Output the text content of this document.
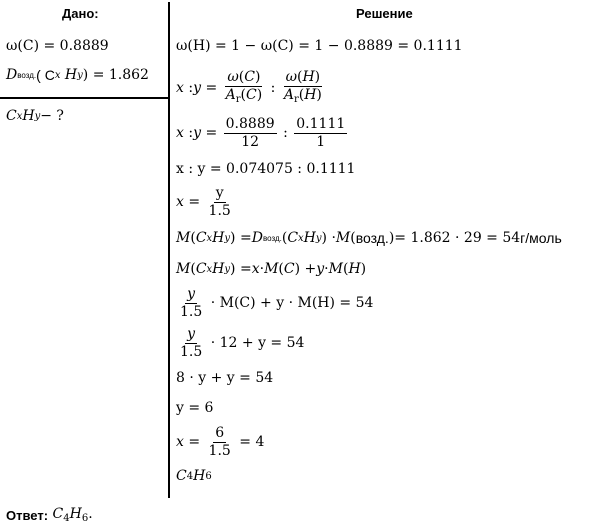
Дано:	Решение
ω(C) = 0.8889
D возд. ( C x
H y ) = 1.862
C x H y − ?
ω(H) = 1 − ω(C) = 1 − 0.8889 = 0.1111
x : $y = \frac{\omega(C)}{A_r(C)}$ : $\frac{\omega(H)}{A_r(H)}$
x : $y = \frac{0.8889}{12}$ : $\frac{0.1111}{1}$
x : y = 0.074075 : 0.1111
$x = \frac{y}{1.5}$
M ( C x H y ) = D возд. ( C x H y ) · M ( возд. ) = 1.862 · 29 = 54 г/моль
M ( C x H y ) = x · M ( C ) + y · M ( H )
$\frac{y}{1.5}$
· M(C) + y · M(H) = 54
$\frac{y}{1.5}$
· 12 + y = 54
8 · y + y = 54
y = 6
$x = \frac{6}{1.5}$
= 4
C 4 H 6
Ответ: $C_4H_6$.
